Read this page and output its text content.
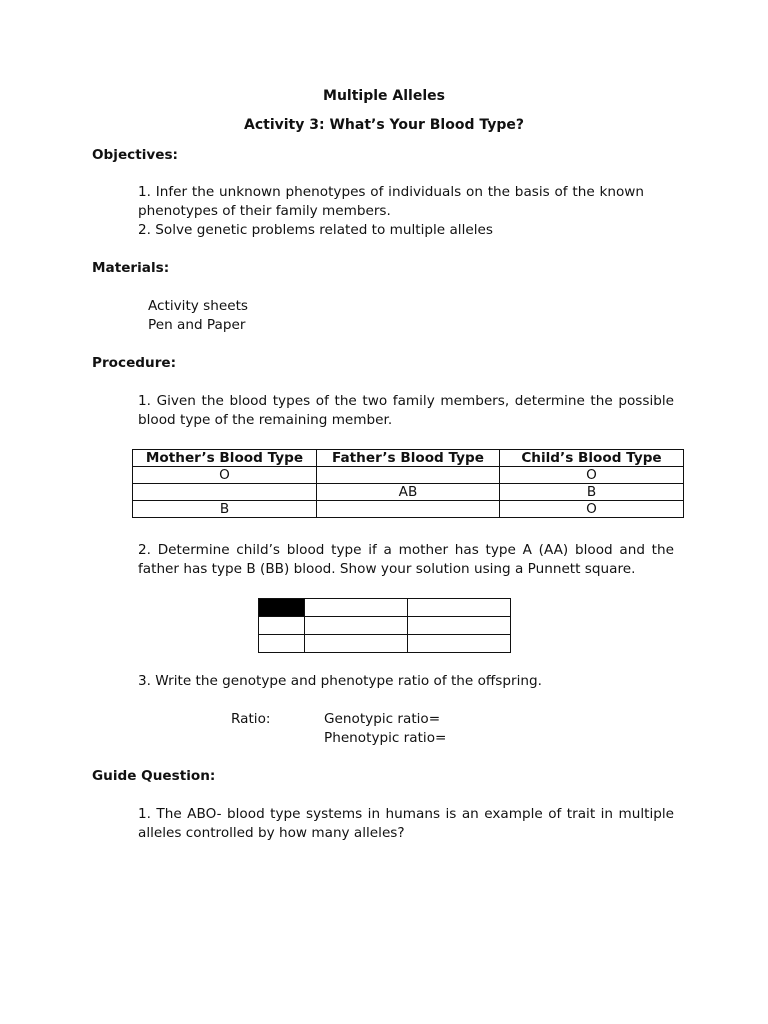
Multiple Alleles
Activity 3: What’s Your Blood Type?
Objectives:
1. Infer the unknown phenotypes of individuals on the basis of the known
phenotypes of their family members.
2. Solve genetic problems related to multiple alleles
Materials:
Activity sheets
Pen and Paper
Procedure:
1. Given the blood types of the two family members, determine the possible
blood type of the remaining member.
Mother’s Blood Type	Father’s Blood Type	Child’s Blood Type
O		O
	AB	B
B		O
2. Determine child’s blood type if a mother has type A (AA) blood and the
father has type B (BB) blood. Show your solution using a Punnett square.

3. Write the genotype and phenotype ratio of the offspring.
Ratio:	Genotypic ratio=
Phenotypic ratio=
Guide Question:
1. The ABO- blood type systems in humans is an example of trait in multiple
alleles controlled by how many alleles?
